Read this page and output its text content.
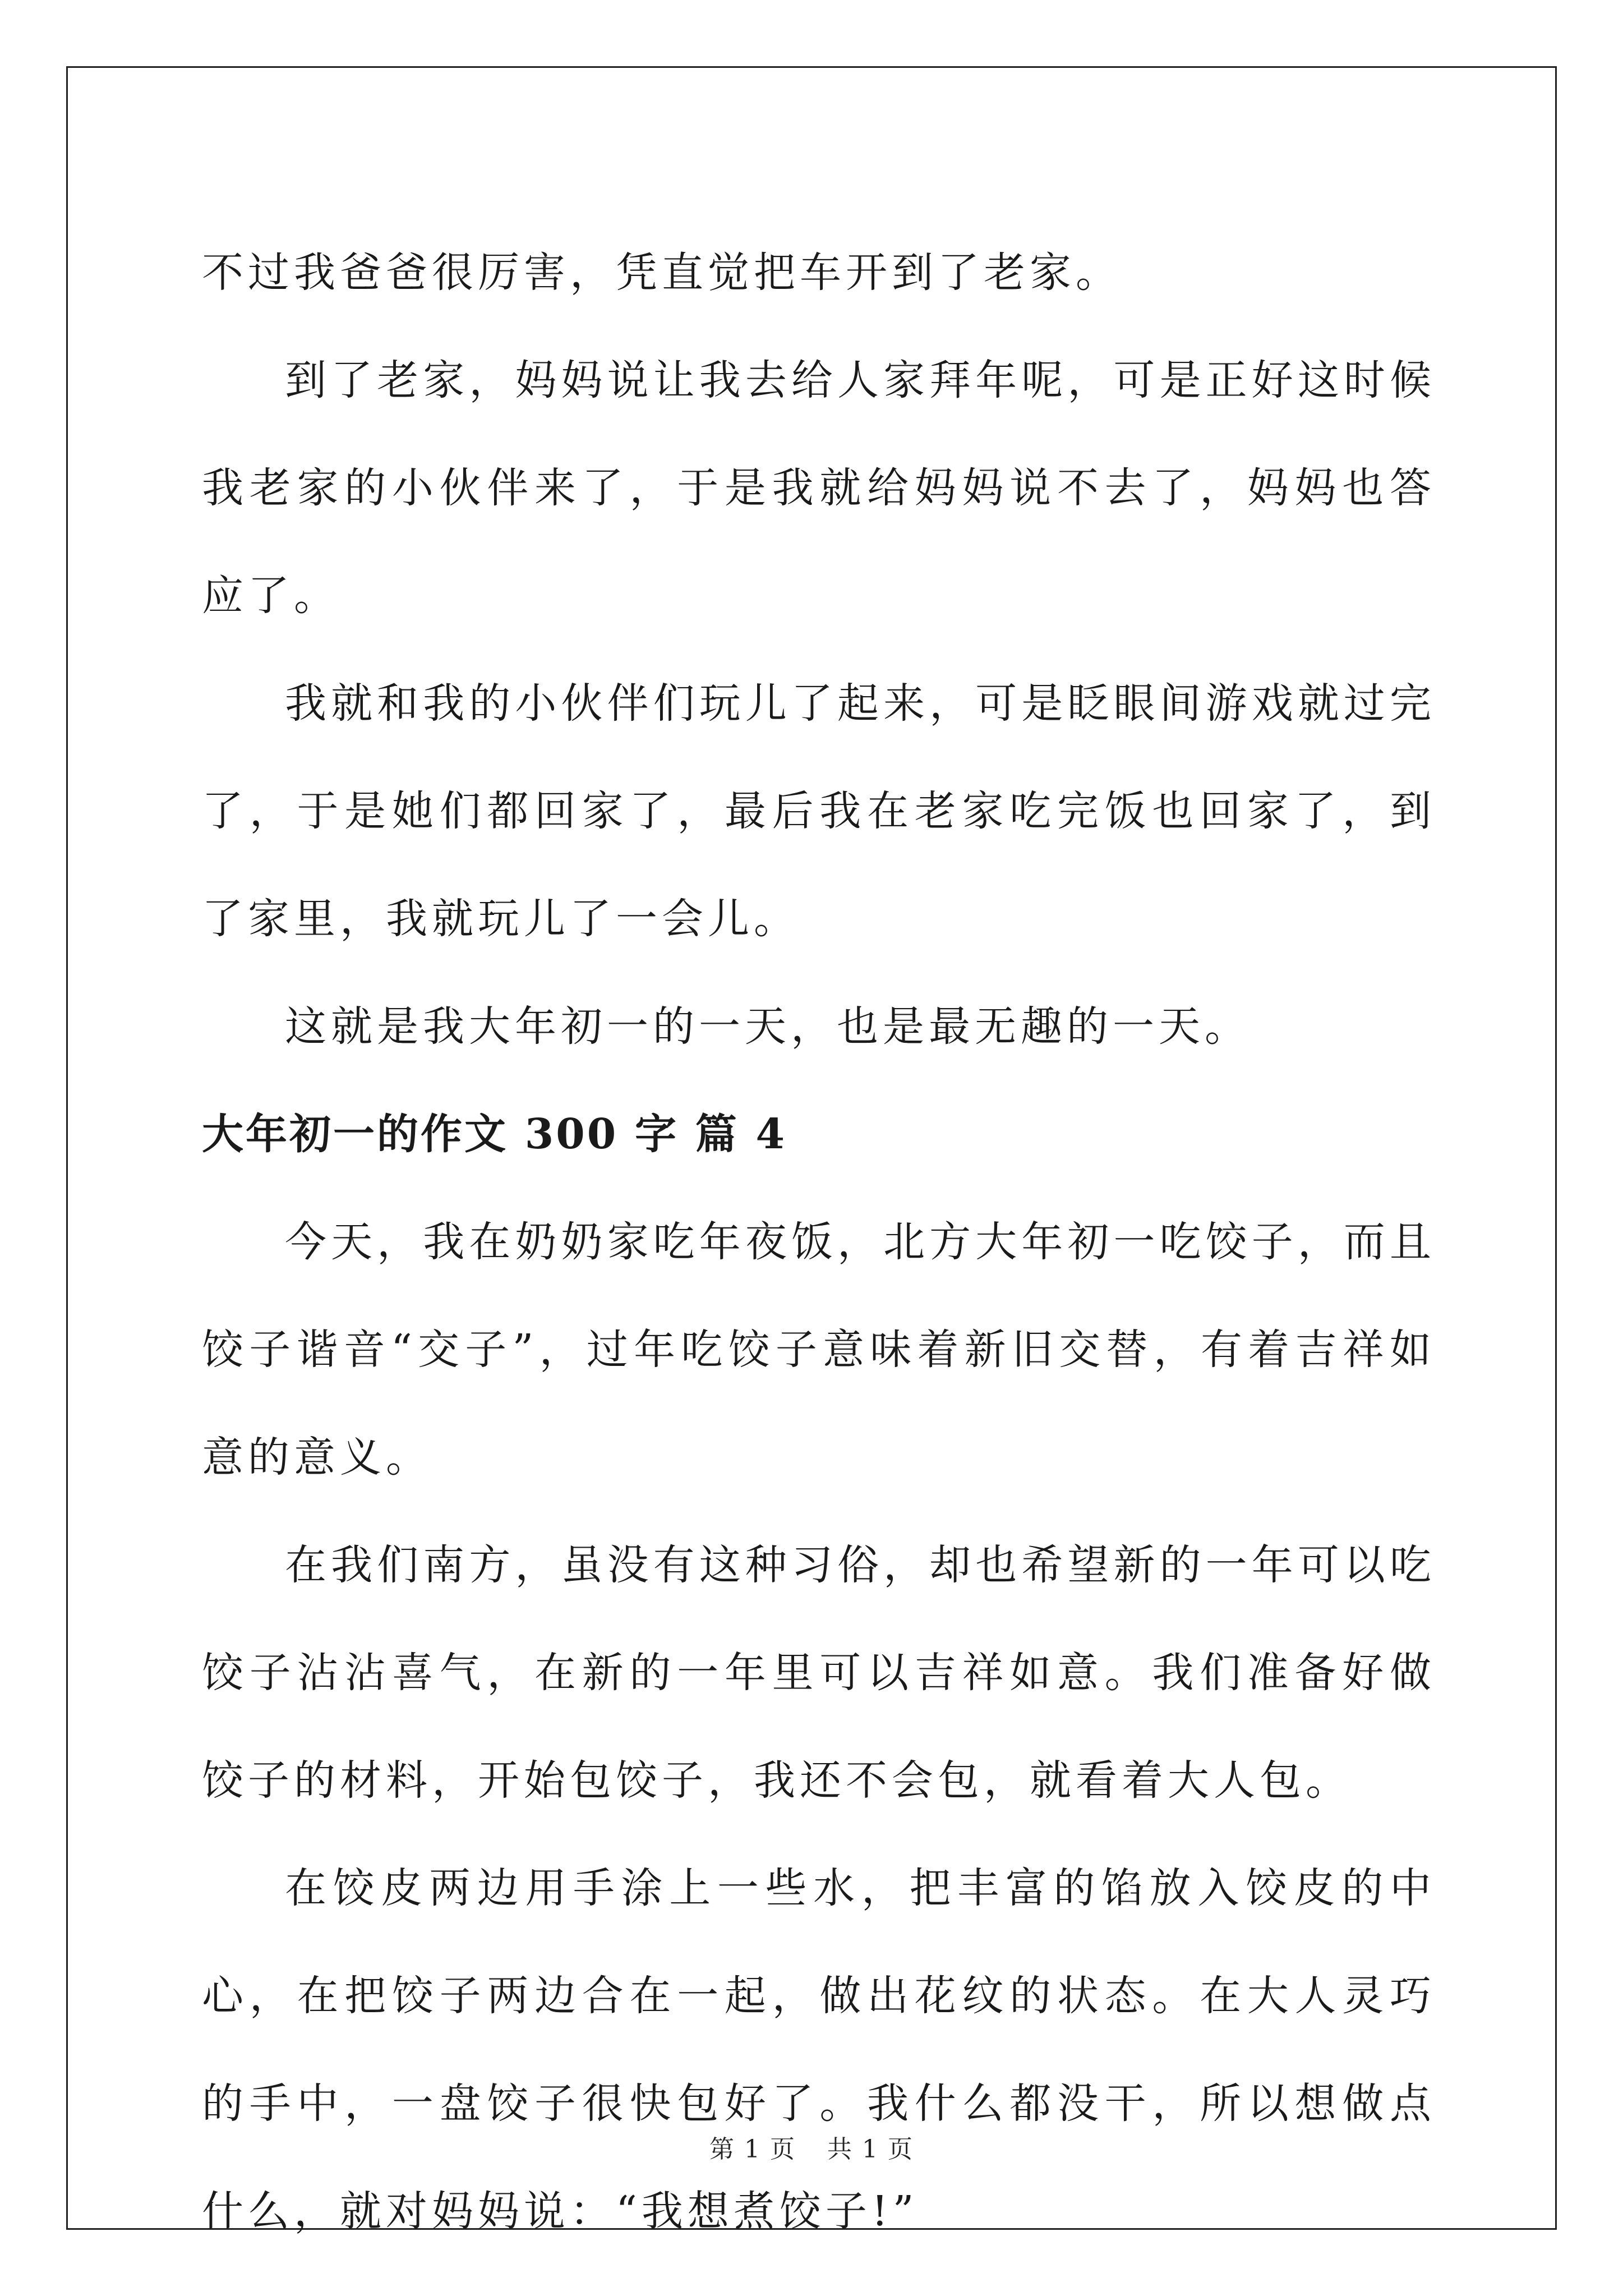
不过我爸爸很厉害，凭直觉把车开到了老家。

到了老家，妈妈说让我去给人家拜年呢，可是正好这时候我老家的小伙伴来了，于是我就给妈妈说不去了，妈妈也答应了。

我就和我的小伙伴们玩儿了起来，可是眨眼间游戏就过完了，于是她们都回家了，最后我在老家吃完饭也回家了，到了家里，我就玩儿了一会儿。

这就是我大年初一的一天，也是最无趣的一天。

大年初一的作文 300 字 篇 4

今天，我在奶奶家吃年夜饭，北方大年初一吃饺子，而且饺子谐音“交子”，过年吃饺子意味着新旧交替，有着吉祥如意的意义。

在我们南方，虽没有这种习俗，却也希望新的一年可以吃饺子沾沾喜气，在新的一年里可以吉祥如意。我们准备好做饺子的材料，开始包饺子，我还不会包，就看着大人包。

在饺皮两边用手涂上一些水，把丰富的馅放入饺皮的中心，在把饺子两边合在一起，做出花纹的状态。在大人灵巧的手中，一盘饺子很快包好了。我什么都没干，所以想做点什么，就对妈妈说：“我想煮饺子!”

第 1 页 共 1 页
